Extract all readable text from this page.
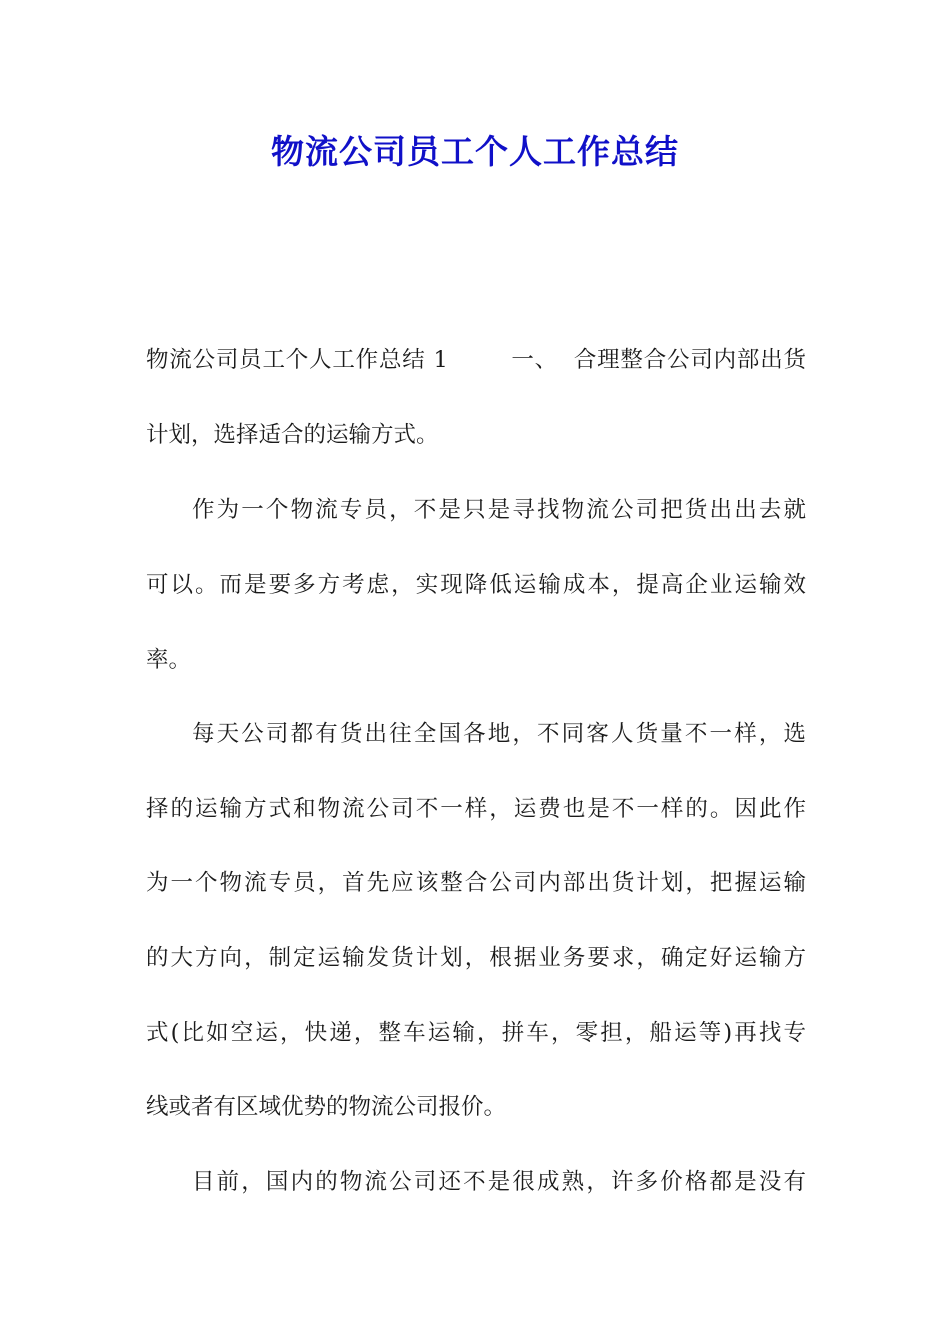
物流公司员工个人工作总结
物流公司员工个人工作总结 1        一、  合理整合公司内部出货
计划，选择适合的运输方式。
作为一个物流专员，不是只是寻找物流公司把货出出去就
可以。而是要多方考虑，实现降低运输成本，提高企业运输效
率。
每天公司都有货出往全国各地，不同客人货量不一样，选
择的运输方式和物流公司不一样，运费也是不一样的。因此作
为一个物流专员，首先应该整合公司内部出货计划，把握运输
的大方向，制定运输发货计划，根据业务要求，确定好运输方
式(比如空运，快递，整车运输，拼车，零担，船运等)再找专
线或者有区域优势的物流公司报价。
目前，国内的物流公司还不是很成熟，许多价格都是没有
